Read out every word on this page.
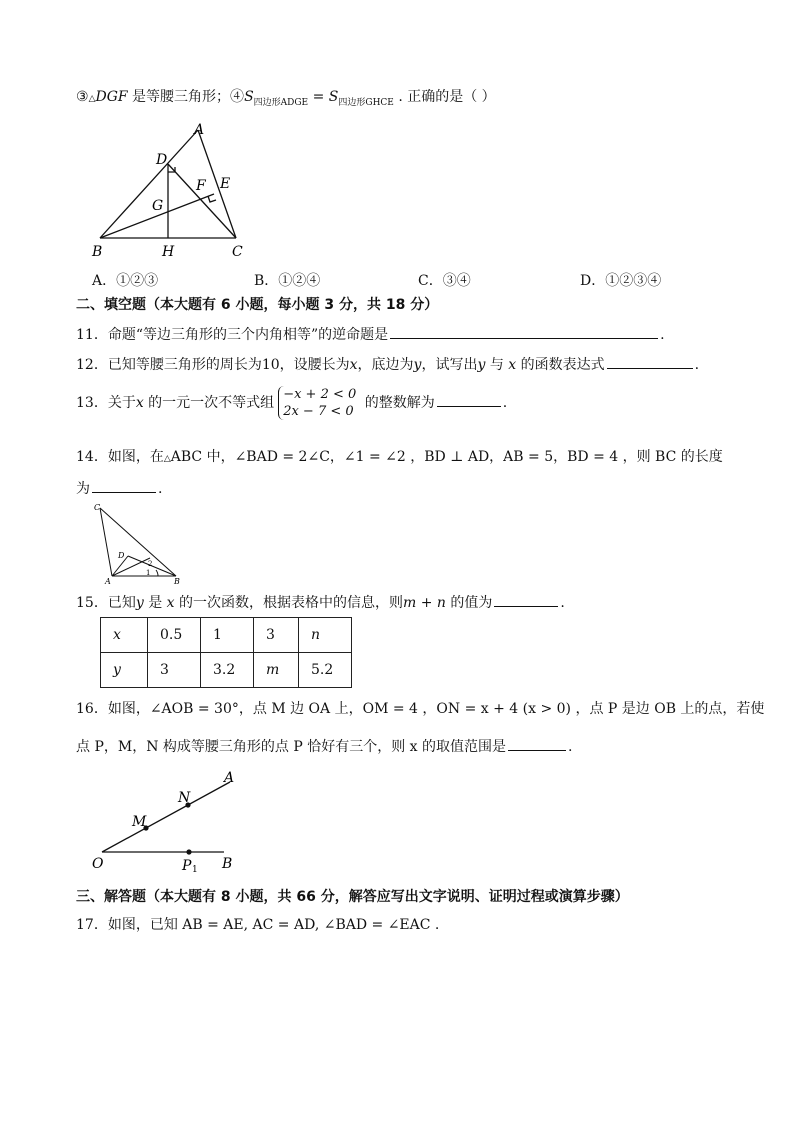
③△DGF 是等腰三角形；$④S_{四边形ADGE} = S_{四边形GHCE}$ . 正确的是（ ）
A
D
F E
G
B	H	C
A．①②③	B．①②④	C．③④	D．①②③④
二、填空题（本大题有 6 小题，每小题 3 分，共 18 分）
11．命题“等边三角形的三个内角相等”的逆命题是	.
12．已知等腰三角形的周长为10，设腰长为x，底边为y，试写出y 与 x 的函数表达式	.
13．关于x 的一元一次不等式组−x + 2 < 0
2x − 7 < 0 的整数解为	.
14．如图，在△ABC 中，∠BAD = 2∠C，∠1 = ∠2 ，BD ⊥ AD，AB = 5，BD = 4 ，则 BC 的长度
为	.
C
D
2
1
A	B
15．已知y 是 x 的一次函数，根据表格中的信息，则m + n 的值为	.
x	0.5	1	3	n
y	3	3.2	m	5.2
16．如图，∠AOB = 30°，点 M 边 OA 上，OM = 4 ，ON = x + 4 (x > 0) ，点 P 是边 OB 上的点，若使
点 P，M，N 构成等腰三角形的点 P 恰好有三个，则 x 的取值范围是	.
A
N
M
O	P 1 B
三、解答题（本大题有 8 小题，共 66 分，解答应写出文字说明、证明过程或演算步骤）
17．如图，已知 AB = AE, AC = AD, ∠BAD = ∠EAC .
